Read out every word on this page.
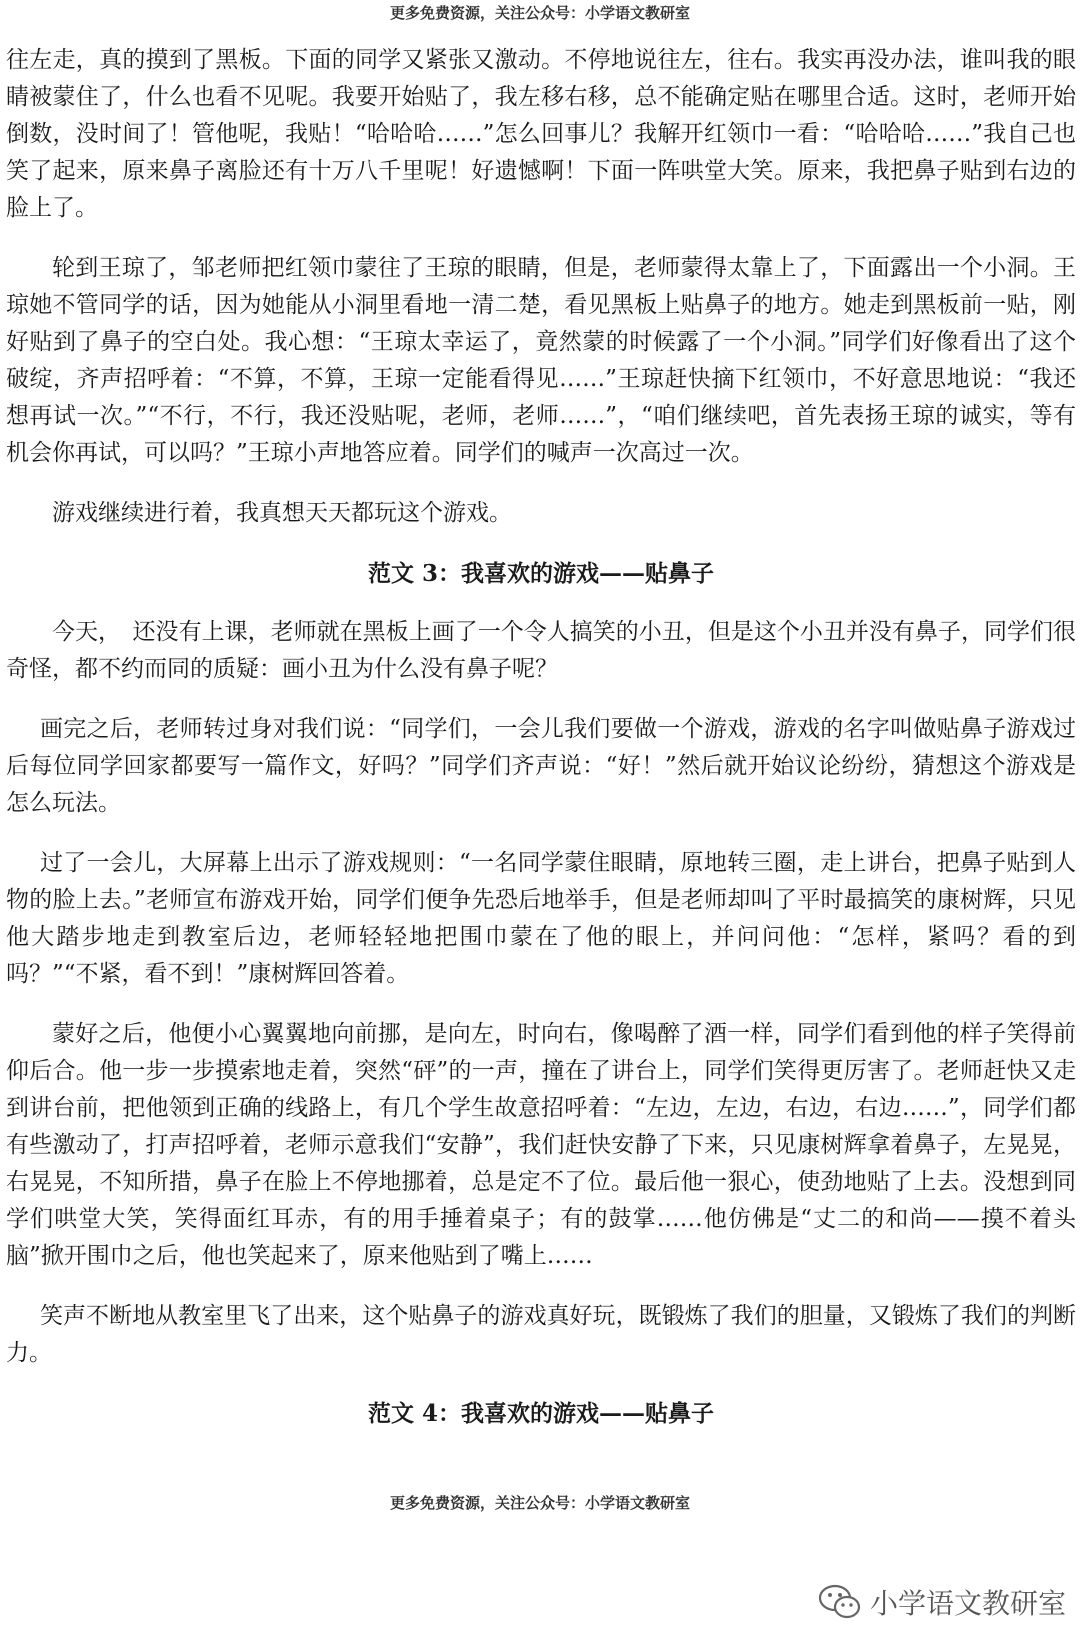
更多免费资源，关注公众号：小学语文教研室

往左走，真的摸到了黑板。下面的同学又紧张又激动。不停地说往左，往右。我实再没办法，谁叫我的眼睛被蒙住了，什么也看不见呢。我要开始贴了，我左移右移，总不能确定贴在哪里合适。这时，老师开始倒数，没时间了！管他呢，我贴！“哈哈哈……”怎么回事儿？我解开红领巾一看：“哈哈哈……”我自己也笑了起来，原来鼻子离脸还有十万八千里呢！好遗憾啊！下面一阵哄堂大笑。原来，我把鼻子贴到右边的脸上了。

轮到王琼了，邹老师把红领巾蒙往了王琼的眼睛，但是，老师蒙得太靠上了，下面露出一个小洞。王琼她不管同学的话，因为她能从小洞里看地一清二楚，看见黑板上贴鼻子的地方。她走到黑板前一贴，刚好贴到了鼻子的空白处。我心想：“王琼太幸运了，竟然蒙的时候露了一个小洞。”同学们好像看出了这个破绽，齐声招呼着：“不算，不算，王琼一定能看得见……”王琼赶快摘下红领巾，不好意思地说：“我还想再试一次。”“不行，不行，我还没贴呢，老师，老师……”，“咱们继续吧，首先表扬王琼的诚实，等有机会你再试，可以吗？”王琼小声地答应着。同学们的喊声一次高过一次。

游戏继续进行着，我真想天天都玩这个游戏。

范文 3：我喜欢的游戏——贴鼻子

今天，　还没有上课，老师就在黑板上画了一个令人搞笑的小丑，但是这个小丑并没有鼻子，同学们很奇怪，都不约而同的质疑：画小丑为什么没有鼻子呢？

画完之后，老师转过身对我们说：“同学们，一会儿我们要做一个游戏，游戏的名字叫做贴鼻子游戏过后每位同学回家都要写一篇作文，好吗？”同学们齐声说：“好！”然后就开始议论纷纷，猜想这个游戏是怎么玩法。

过了一会儿，大屏幕上出示了游戏规则：“一名同学蒙住眼睛，原地转三圈，走上讲台，把鼻子贴到人物的脸上去。”老师宣布游戏开始，同学们便争先恐后地举手，但是老师却叫了平时最搞笑的康树辉，只见他大踏步地走到教室后边，老师轻轻地把围巾蒙在了他的眼上，并问问他：“怎样，紧吗？看的到吗？”“不紧，看不到！”康树辉回答着。

蒙好之后，他便小心翼翼地向前挪，是向左，时向右，像喝醉了酒一样，同学们看到他的样子笑得前仰后合。他一步一步摸索地走着，突然“砰”的一声，撞在了讲台上，同学们笑得更厉害了。老师赶快又走到讲台前，把他领到正确的线路上，有几个学生故意招呼着：“左边，左边，右边，右边……”，同学们都有些激动了，打声招呼着，老师示意我们“安静”，我们赶快安静了下来，只见康树辉拿着鼻子，左晃晃，右晃晃，不知所措，鼻子在脸上不停地挪着，总是定不了位。最后他一狠心，使劲地贴了上去。没想到同学们哄堂大笑，笑得面红耳赤，有的用手捶着桌子；有的鼓掌……他仿佛是“丈二的和尚——摸不着头脑”掀开围巾之后，他也笑起来了，原来他贴到了嘴上……

笑声不断地从教室里飞了出来，这个贴鼻子的游戏真好玩，既锻炼了我们的胆量，又锻炼了我们的判断力。

范文 4：我喜欢的游戏——贴鼻子
更多免费资源，关注公众号：小学语文教研室
小学语文教研室
